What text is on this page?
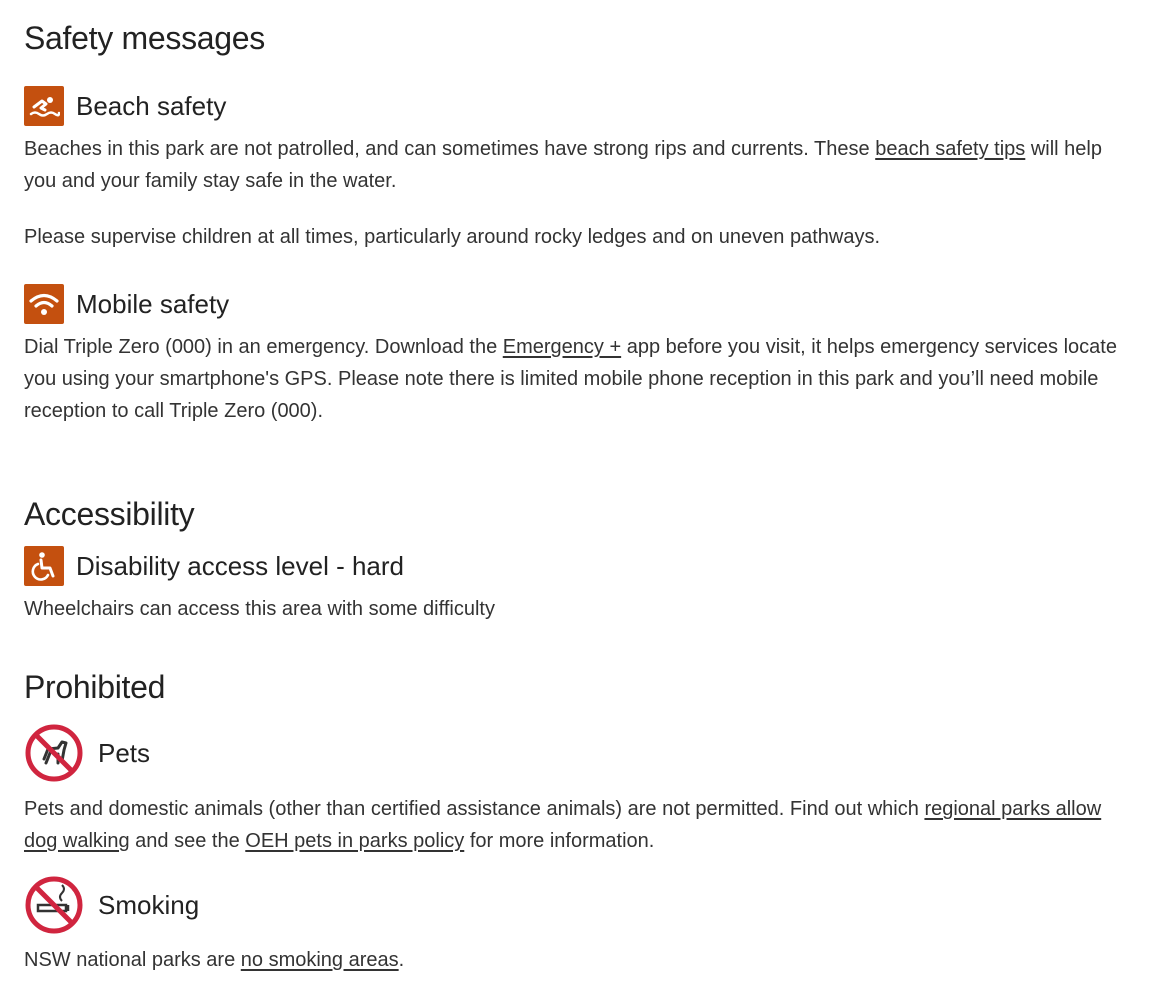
Safety messages
Beach safety

Beaches in this park are not patrolled, and can sometimes have strong rips and currents. These beach safety tips will help you and your family stay safe in the water.

Please supervise children at all times, particularly around rocky ledges and on uneven pathways.

Mobile safety

Dial Triple Zero (000) in an emergency. Download the Emergency + app before you visit, it helps emergency services locate you using your smartphone's GPS. Please note there is limited mobile phone reception in this park and you’ll need mobile reception to call Triple Zero (000).

Accessibility
Disability access level - hard

Wheelchairs can access this area with some difficulty

Prohibited
Pets

Pets and domestic animals (other than certified assistance animals) are not permitted. Find out which regional parks allow dog walking and see the OEH pets in parks policy for more information.

Smoking

NSW national parks are no smoking areas.
